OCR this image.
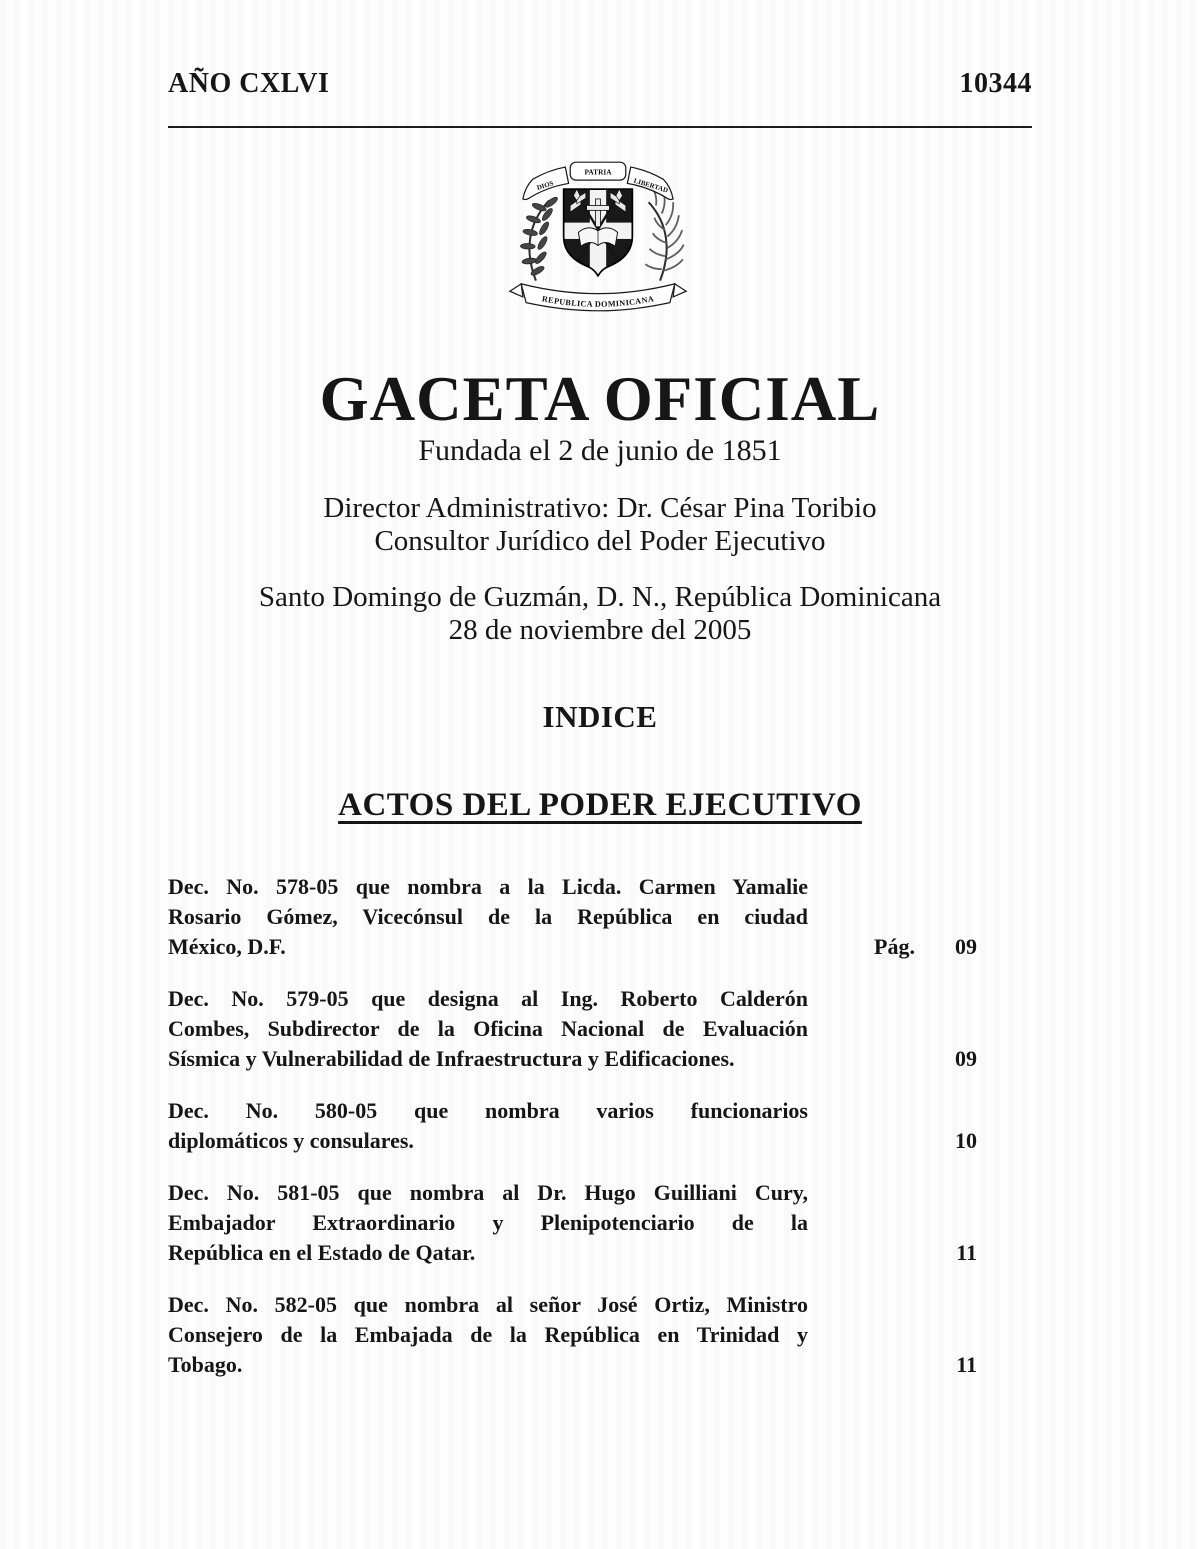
AÑO CXLVI	10344
DIOS
PATRIA
LIBERTAD
REPUBLICA DOMINICANA
GACETA OFICIAL
Fundada el 2 de junio de 1851
Director Administrativo: Dr. César Pina Toribio
Consultor Jurídico del Poder Ejecutivo
Santo Domingo de Guzmán, D. N., República Dominicana
28 de noviembre del 2005
INDICE
ACTOS DEL PODER EJECUTIVO
Dec. No. 578-05 que nombra a la Licda. Carmen Yamalie
Rosario Gómez, Vicecónsul de la República en ciudad
México, D.F.	Pág. 09
Dec. No. 579-05 que designa al Ing. Roberto Calderón
Combes, Subdirector de la Oficina Nacional de Evaluación
Sísmica y Vulnerabilidad de Infraestructura y Edificaciones.	09
Dec. No. 580-05 que nombra varios funcionarios
diplomáticos y consulares.	10
Dec. No. 581-05 que nombra al Dr. Hugo Guilliani Cury,
Embajador Extraordinario y Plenipotenciario de la
República en el Estado de Qatar.	11
Dec. No. 582-05 que nombra al señor José Ortiz, Ministro
Consejero de la Embajada de la República en Trinidad y
Tobago.	11
